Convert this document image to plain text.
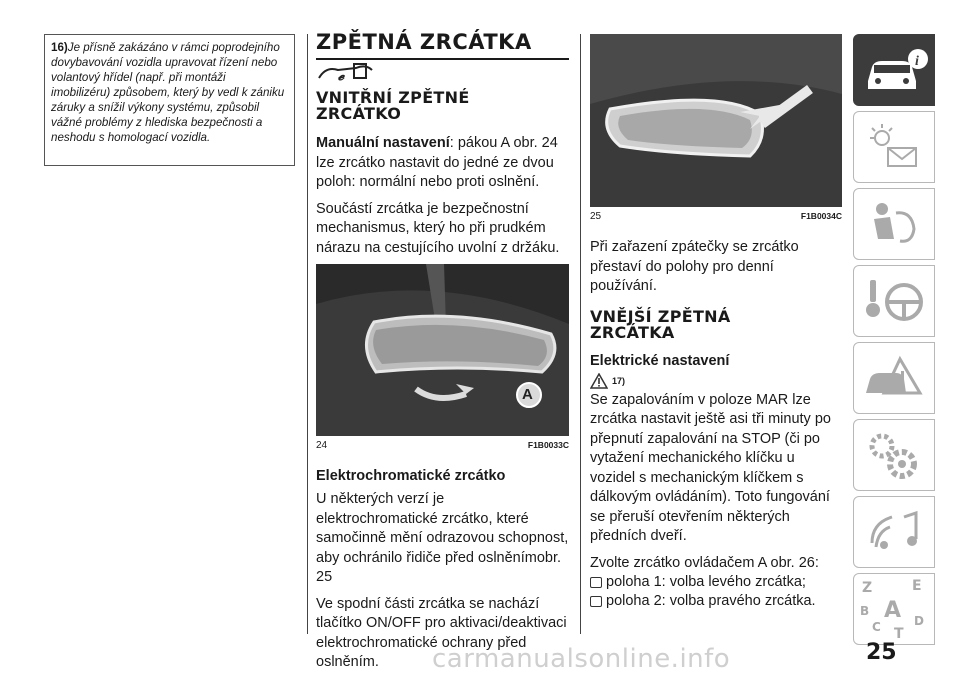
16)Je přísně zakázáno v rámci poprodejního dovybavování vozidla upravovat řízení nebo volantový hřídel (např. při montáži imobilizéru) způsobem, který by vedl k zániku záruky a snížil výkony systému, způsobil vážné problémy z hlediska bezpečnosti a neshodu s homologací vozidla.
ZPĚTNÁ ZRCÁTKA
𝓮
VNITŘNÍ ZPĚTNÉ ZRCÁTKO

Manuální nastavení: pákou A obr. 24 lze zrcátko nastavit do jedné ze dvou poloh: normální nebo proti oslnění.

Součástí zrcátka je bezpečnostní mechanismus, který ho při prudkém nárazu na cestujícího uvolní z držáku.

A
24	F1B0033C
Elektrochromatické zrcátko

U některých verzí je elektrochromatické zrcátko, které samočinně mění odrazovou schopnost, aby ochránilo řidiče před oslněnímobr. 25

Ve spodní části zrcátka se nachází tlačítko ON/OFF pro aktivaci/deaktivaci elektrochromatické ochrany před oslněním.

25	F1B0034C

Při zařazení zpátečky se zrcátko přestaví do polohy pro denní používání.

VNĚJŠÍ ZPĚTNÁ ZRCÁTKA
Elektrické nastavení
17)

Se zapalováním v poloze MAR lze zrcátka nastavit ještě asi tři minuty po přepnutí zapalování na STOP (či po vytažení mechanického klíčku u vozidel s mechanickým klíčkem s dálkovým ovládáním). Toto fungování se přeruší otevřením některých předních dveří.

Zvolte zrcátko ovládačem A obr. 26:

poloha 1: volba levého zrcátka;
poloha 2: volba pravého zrcátka.
i
Z	E
B A
C T
D
carmanualsonline.info	25
